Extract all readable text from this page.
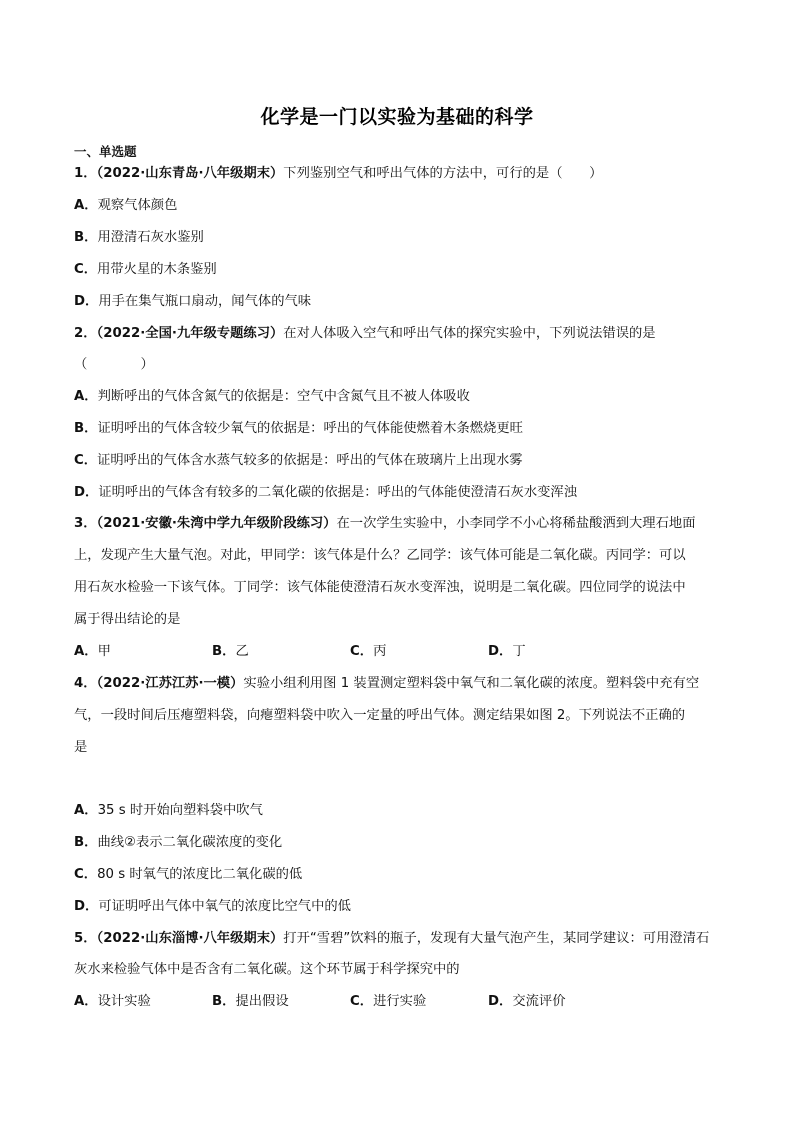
化学是一门以实验为基础的科学
一、单选题
1．（2022·山东青岛·八年级期末）下列鉴别空气和呼出气体的方法中，可行的是（　　）
A．观察气体颜色
B．用澄清石灰水鉴别
C．用带火星的木条鉴别
D．用手在集气瓶口扇动，闻气体的气味
2．（2022·全国·九年级专题练习）在对人体吸入空气和呼出气体的探究实验中，下列说法错误的是
（　　　　）
A．判断呼出的气体含氮气的依据是：空气中含氮气且不被人体吸收
B．证明呼出的气体含较少氧气的依据是：呼出的气体能使燃着木条燃烧更旺
C．证明呼出的气体含水蒸气较多的依据是：呼出的气体在玻璃片上出现水雾
D．证明呼出的气体含有较多的二氧化碳的依据是：呼出的气体能使澄清石灰水变浑浊
3．（2021·安徽·朱湾中学九年级阶段练习）在一次学生实验中，小李同学不小心将稀盐酸洒到大理石地面
上，发现产生大量气泡。对此，甲同学：该气体是什么？乙同学：该气体可能是二氧化碳。丙同学：可以
用石灰水检验一下该气体。丁同学：该气体能使澄清石灰水变浑浊，说明是二氧化碳。四位同学的说法中
属于得出结论的是
A．甲	B．乙	C．丙	D．丁
4．（2022·江苏江苏·一模）实验小组利用图 1 装置测定塑料袋中氧气和二氧化碳的浓度。塑料袋中充有空
气，一段时间后压瘪塑料袋，向瘪塑料袋中吹入一定量的呼出气体。测定结果如图 2。下列说法不正确的
是
A．35 s 时开始向塑料袋中吹气
B．曲线②表示二氧化碳浓度的变化
C．80 s 时氧气的浓度比二氧化碳的低
D．可证明呼出气体中氧气的浓度比空气中的低
5．（2022·山东淄博·八年级期末）打开“雪碧”饮料的瓶子，发现有大量气泡产生，某同学建议：可用澄清石
灰水来检验气体中是否含有二氧化碳。这个环节属于科学探究中的
A．设计实验	B．提出假设	C．进行实验	D．交流评价
